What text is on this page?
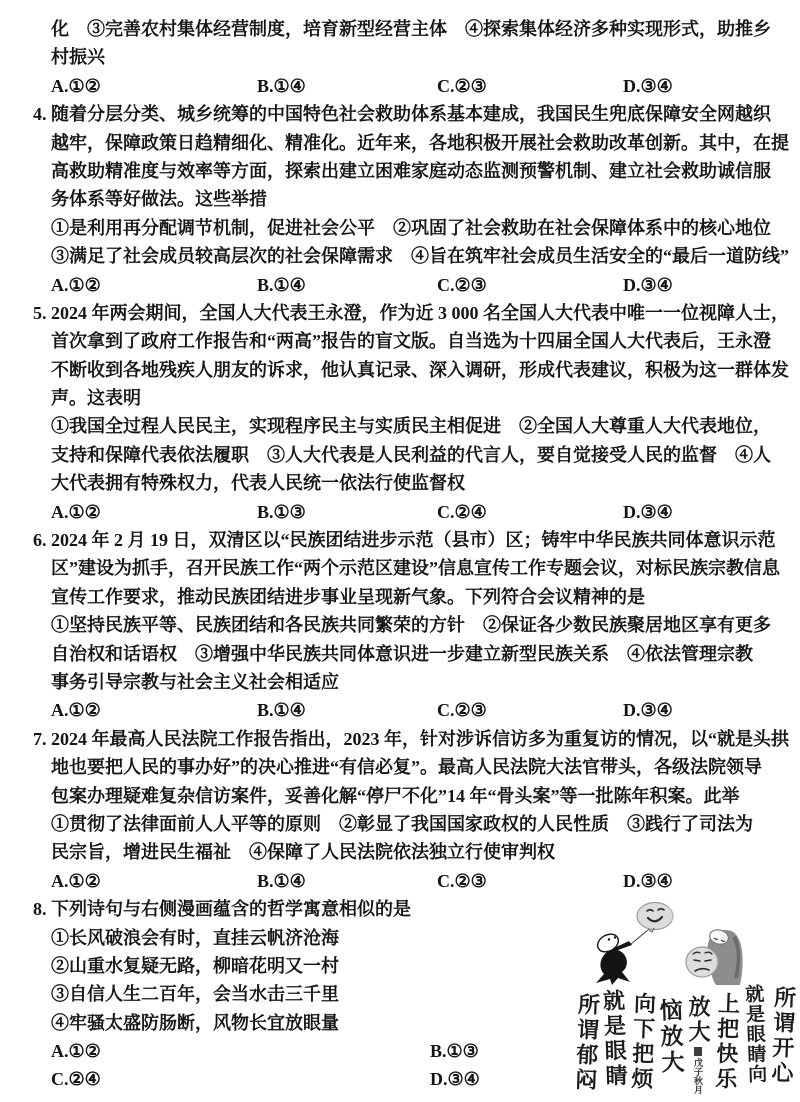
化　③完善农村集体经营制度，培育新型经营主体　④探索集体经济多种实现形式，助推乡
村振兴
A.①②	B.①④	C.②③	D.③④
4. 随着分层分类、城乡统筹的中国特色社会救助体系基本建成，我国民生兜底保障安全网越织
越牢，保障政策日趋精细化、精准化。近年来，各地积极开展社会救助改革创新。其中，在提
高救助精准度与效率等方面，探索出建立困难家庭动态监测预警机制、建立社会救助诚信服
务体系等好做法。这些举措
①是利用再分配调节机制，促进社会公平　②巩固了社会救助在社会保障体系中的核心地位
③满足了社会成员较高层次的社会保障需求　④旨在筑牢社会成员生活安全的“最后一道防线”
A.①②	B.①④	C.②③	D.③④
5. 2024 年两会期间，全国人大代表王永澄，作为近 3 000 名全国人大代表中唯一一位视障人士，
首次拿到了政府工作报告和“两高”报告的盲文版。自当选为十四届全国人大代表后，王永澄
不断收到各地残疾人朋友的诉求，他认真记录、深入调研，形成代表建议，积极为这一群体发
声。这表明
①我国全过程人民民主，实现程序民主与实质民主相促进　②全国人大尊重人大代表地位，
支持和保障代表依法履职　③人大代表是人民利益的代言人，要自觉接受人民的监督　④人
大代表拥有特殊权力，代表人民统一依法行使监督权
A.①②	B.①③	C.②④	D.③④
6. 2024 年 2 月 19 日，双清区以“民族团结进步示范（县市）区；铸牢中华民族共同体意识示范
区”建设为抓手，召开民族工作“两个示范区建设”信息宣传工作专题会议，对标民族宗教信息
宣传工作要求，推动民族团结进步事业呈现新气象。下列符合会议精神的是
①坚持民族平等、民族团结和各民族共同繁荣的方针　②保证各少数民族聚居地区享有更多
自治权和话语权　③增强中华民族共同体意识进一步建立新型民族关系　④依法管理宗教
事务引导宗教与社会主义社会相适应
A.①②	B.①④	C.②③	D.③④
7. 2024 年最高人民法院工作报告指出，2023 年，针对涉诉信访多为重复访的情况，以“就是头拱
地也要把人民的事办好”的决心推进“有信必复”。最高人民法院大法官带头，各级法院领导
包案办理疑难复杂信访案件，妥善化解“停尸不化”14 年“骨头案”等一批陈年积案。此举
①贯彻了法律面前人人平等的原则　②彰显了我国国家政权的人民性质　③践行了司法为
民宗旨，增进民生福祉　④保障了人民法院依法独立行使审判权
A.①②	B.①④	C.②③	D.③④
8. 下列诗句与右侧漫画蕴含的哲学寓意相似的是
①长风破浪会有时，直挂云帆济沧海
②山重水复疑无路，柳暗花明又一村
③自信人生二百年，会当水击三千里
④牢骚太盛防肠断，风物长宜放眼量
A.①②	B.①③
C.②④	D.③④	所谓开心
就是眼睛向
上把快乐
放大戊子秋月
恼放大
向下把烦
就是眼睛
所谓郁闷
